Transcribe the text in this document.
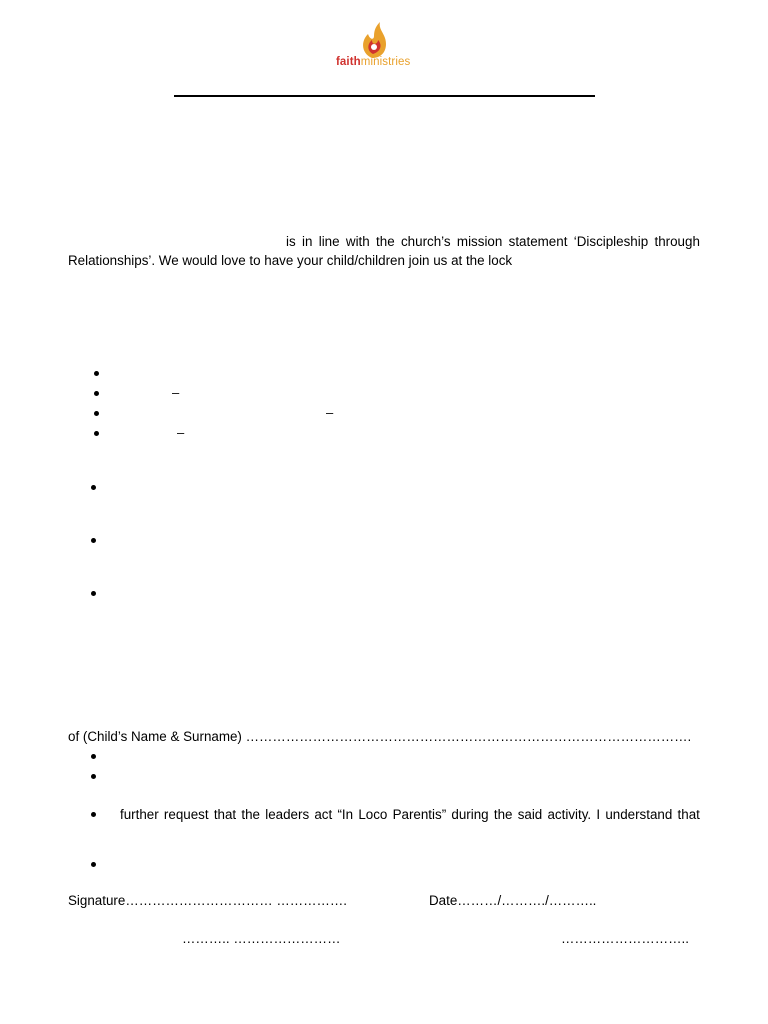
faithministries
is in line with the church’s mission statement ‘Discipleship through
Relationships’. We would love to have your child/children join us at the lock
–
–
–
of (Child’s Name & Surname) ……………………………………………………………………………………….
further request that the leaders act “In Loco Parentis” during the said activity. I understand that
Signature…………………………… …………….	Date………/………./………..
……….. ……………………	………………………..
